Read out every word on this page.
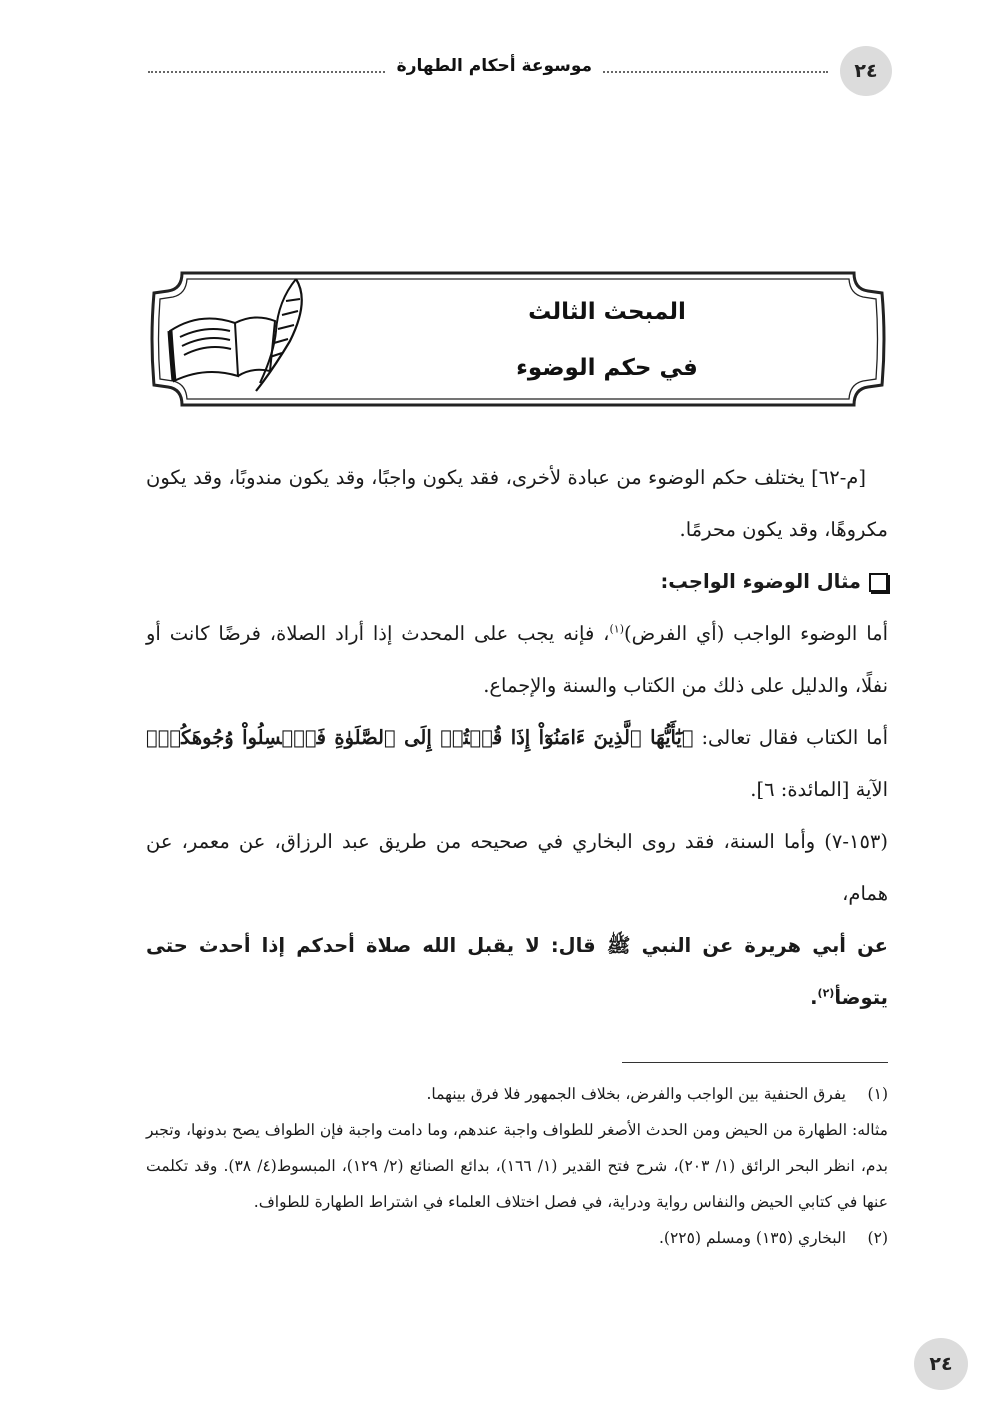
موسوعة أحكام الطهارة	٢٤
المبحث الثالث
في حكم الوضوء

[م-٦٢] يختلف حكم الوضوء من عبادة لأخرى، فقد يكون واجبًا، وقد يكون مندوبًا، وقد يكون مكروهًا، وقد يكون محرمًا.

مثال الوضوء الواجب:

أما الوضوء الواجب (أي الفرض)$^{(١)}$، فإنه يجب على المحدث إذا أراد الصلاة، فرضًا كانت أو نفلًا، والدليل على ذلك من الكتاب والسنة والإجماع.

أما الكتاب فقال تعالى: ﴿يَٰٓأَيُّهَا ٱلَّذِينَ ءَامَنُوٓاْ إِذَا قُمۡتُمۡ إِلَى ٱلصَّلَوٰةِ فَٱغۡسِلُواْ وُجُوهَكُمۡ﴾ الآية [المائدة: ٦].

(١٥٣-٧) وأما السنة، فقد روى البخاري في صحيحه من طريق عبد الرزاق، عن معمر، عن همام،

عن أبي هريرة عن النبي ﷺ قال: لا يقبل الله صلاة أحدكم إذا أحدث حتى يتوضأ$^{(٢)}$.

(١)
يفرق الحنفية بين الواجب والفرض، بخلاف الجمهور فلا فرق بينهما.

مثاله: الطهارة من الحيض ومن الحدث الأصغر للطواف واجبة عندهم، وما دامت واجبة فإن الطواف يصح بدونها، وتجبر بدم، انظر البحر الرائق (١/ ٢٠٣)، شرح فتح القدير (١/ ١٦٦)، بدائع الصنائع (٢/ ١٢٩)، المبسوط(٤/ ٣٨). وقد تكلمت عنها في كتابي الحيض والنفاس رواية ودراية، في فصل اختلاف العلماء في اشتراط الطهارة للطواف.

(٢)
البخاري (١٣٥) ومسلم (٢٢٥).
٢٤
